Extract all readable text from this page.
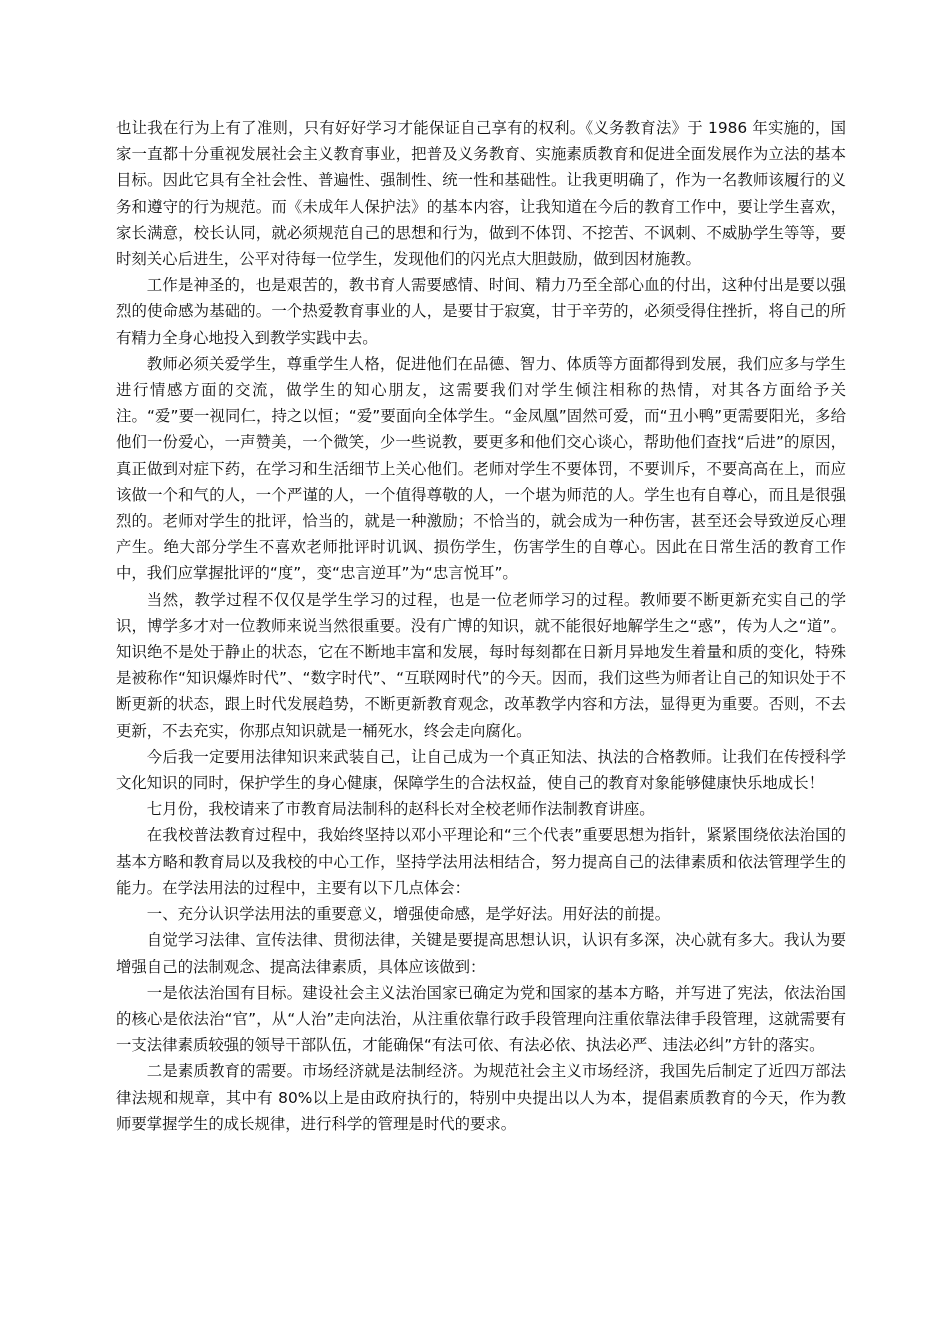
也让我在行为上有了准则，只有好好学习才能保证自己享有的权利。《义务教育法》于 1986 年实施的，国家一直都十分重视发展社会主义教育事业，把普及义务教育、实施素质教育和促进全面发展作为立法的基本目标。因此它具有全社会性、普遍性、强制性、统一性和基础性。让我更明确了，作为一名教师该履行的义务和遵守的行为规范。而《未成年人保护法》的基本内容，让我知道在今后的教育工作中，要让学生喜欢，家长满意，校长认同，就必须规范自己的思想和行为，做到不体罚、不挖苦、不讽刺、不威胁学生等等，要时刻关心后进生，公平对待每一位学生，发现他们的闪光点大胆鼓励，做到因材施教。

工作是神圣的，也是艰苦的，教书育人需要感情、时间、精力乃至全部心血的付出，这种付出是要以强烈的使命感为基础的。一个热爱教育事业的人，是要甘于寂寞，甘于辛劳的，必须受得住挫折，将自己的所有精力全身心地投入到教学实践中去。

教师必须关爱学生，尊重学生人格，促进他们在品德、智力、体质等方面都得到发展，我们应多与学生进行情感方面的交流，做学生的知心朋友，这需要我们对学生倾注相称的热情，对其各方面给予关注。“爱”要一视同仁，持之以恒；“爱”要面向全体学生。“金凤凰”固然可爱，而“丑小鸭”更需要阳光，多给他们一份爱心，一声赞美，一个微笑，少一些说教，要更多和他们交心谈心，帮助他们查找“后进”的原因，真正做到对症下药，在学习和生活细节上关心他们。老师对学生不要体罚，不要训斥，不要高高在上，而应该做一个和气的人，一个严谨的人，一个值得尊敬的人，一个堪为师范的人。学生也有自尊心，而且是很强烈的。老师对学生的批评，恰当的，就是一种激励；不恰当的，就会成为一种伤害，甚至还会导致逆反心理产生。绝大部分学生不喜欢老师批评时讥讽、损伤学生，伤害学生的自尊心。因此在日常生活的教育工作中，我们应掌握批评的“度”，变“忠言逆耳”为“忠言悦耳”。

当然，教学过程不仅仅是学生学习的过程，也是一位老师学习的过程。教师要不断更新充实自己的学识，博学多才对一位教师来说当然很重要。没有广博的知识，就不能很好地解学生之“惑”，传为人之“道”。知识绝不是处于静止的状态，它在不断地丰富和发展，每时每刻都在日新月异地发生着量和质的变化，特殊是被称作“知识爆炸时代”、“数字时代”、“互联网时代”的今天。因而，我们这些为师者让自己的知识处于不断更新的状态，跟上时代发展趋势，不断更新教育观念，改革教学内容和方法，显得更为重要。否则，不去更新，不去充实，你那点知识就是一桶死水，终会走向腐化。

今后我一定要用法律知识来武装自己，让自己成为一个真正知法、执法的合格教师。让我们在传授科学文化知识的同时，保护学生的身心健康，保障学生的合法权益，使自己的教育对象能够健康快乐地成长！

七月份，我校请来了市教育局法制科的赵科长对全校老师作法制教育讲座。

在我校普法教育过程中，我始终坚持以邓小平理论和“三个代表”重要思想为指针，紧紧围绕依法治国的基本方略和教育局以及我校的中心工作，坚持学法用法相结合，努力提高自己的法律素质和依法管理学生的能力。在学法用法的过程中，主要有以下几点体会：

一、充分认识学法用法的重要意义，增强使命感，是学好法。用好法的前提。

自觉学习法律、宣传法律、贯彻法律，关键是要提高思想认识，认识有多深，决心就有多大。我认为要增强自己的法制观念、提高法律素质，具体应该做到：

一是依法治国有目标。建设社会主义法治国家已确定为党和国家的基本方略，并写进了宪法，依法治国的核心是依法治“官”，从“人治”走向法治，从注重依靠行政手段管理向注重依靠法律手段管理，这就需要有一支法律素质较强的领导干部队伍，才能确保“有法可依、有法必依、执法必严、违法必纠”方针的落实。

二是素质教育的需要。市场经济就是法制经济。为规范社会主义市场经济，我国先后制定了近四万部法律法规和规章，其中有 80%以上是由政府执行的，特别中央提出以人为本，提倡素质教育的今天，作为教师要掌握学生的成长规律，进行科学的管理是时代的要求。
